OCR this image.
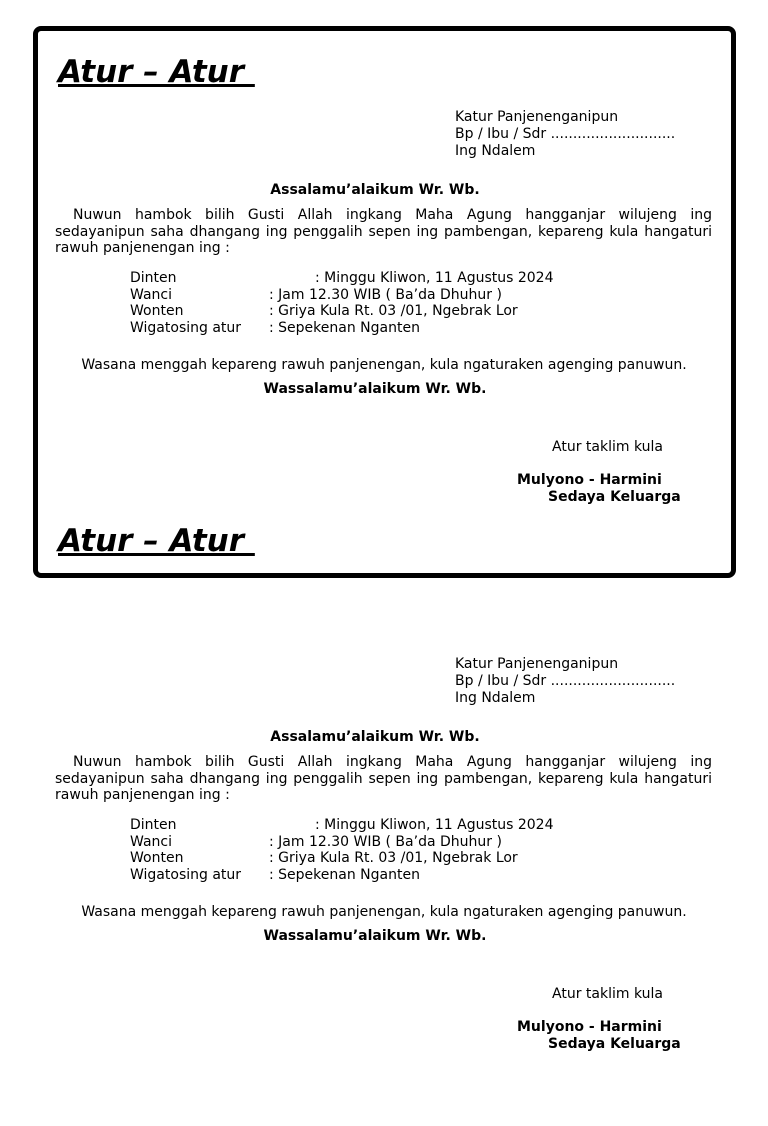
Atur – Atur
Katur Panjenenganipun
Bp / Ibu / Sdr ............................
Ing Ndalem
Assalamu’alaikum Wr. Wb.
Nuwun hambok bilih Gusti Allah ingkang Maha Agung hangganjar wilujeng ing sedayanipun saha dhangang ing penggalih sepen ing pambengan, kepareng kula hangaturi rawuh panjenengan ing :
Dinten	: Minggu Kliwon, 11 Agustus 2024
Wanci	: Jam 12.30 WIB ( Ba’da Dhuhur )
Wonten	: Griya Kula Rt. 03 /01, Ngebrak Lor
Wigatosing atur : Sepekenan Nganten
Wasana menggah kepareng rawuh panjenengan, kula ngaturaken agenging panuwun.
Wassalamu’alaikum Wr. Wb.
Atur taklim kula
Mulyono - Harmini
Sedaya Keluarga
Atur – Atur
Katur Panjenenganipun
Bp / Ibu / Sdr ............................
Ing Ndalem
Assalamu’alaikum Wr. Wb.
Nuwun hambok bilih Gusti Allah ingkang Maha Agung hangganjar wilujeng ing sedayanipun saha dhangang ing penggalih sepen ing pambengan, kepareng kula hangaturi rawuh panjenengan ing :
Dinten	: Minggu Kliwon, 11 Agustus 2024
Wanci	: Jam 12.30 WIB ( Ba’da Dhuhur )
Wonten	: Griya Kula Rt. 03 /01, Ngebrak Lor
Wigatosing atur : Sepekenan Nganten
Wasana menggah kepareng rawuh panjenengan, kula ngaturaken agenging panuwun.
Wassalamu’alaikum Wr. Wb.
Atur taklim kula
Mulyono - Harmini
Sedaya Keluarga
